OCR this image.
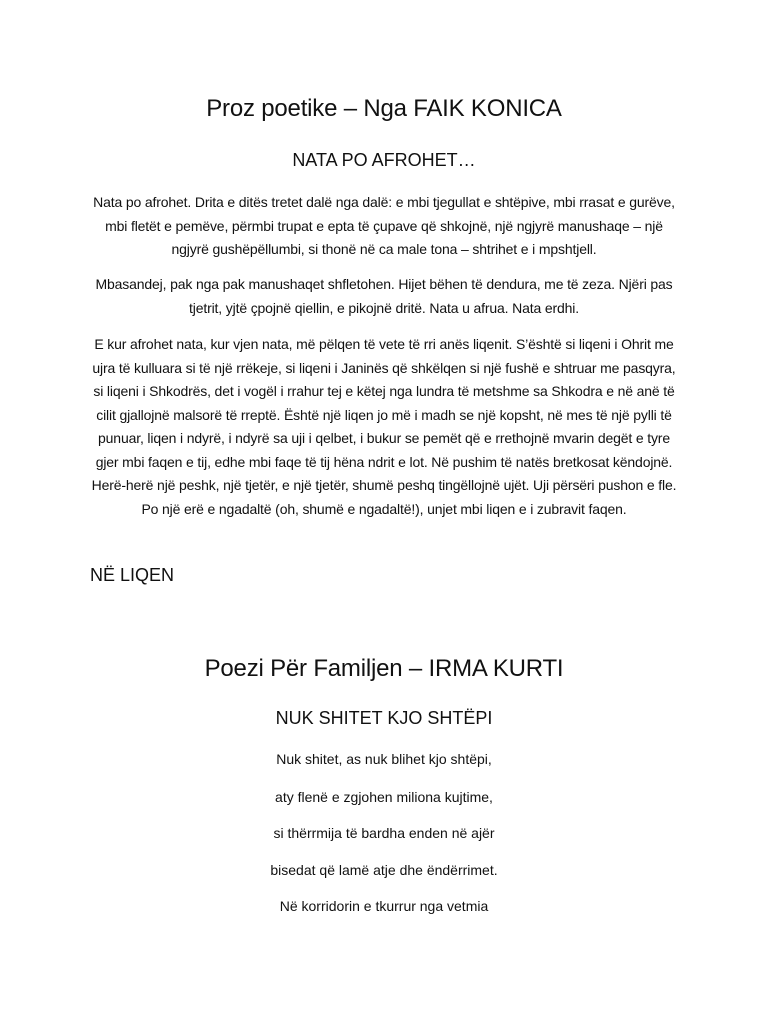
Proz poetike – Nga FAIK KONICA
NATA PO AFROHET…

Nata po afrohet. Drita e ditës tretet dalë nga dalë: e mbi tjegullat e shtëpive, mbi rrasat e gurëve, mbi fletët e pemëve, përmbi trupat e epta të çupave që shkojnë, një ngjyrë manushaqe – një ngjyrë gushëpëllumbi, si thonë në ca male tona – shtrihet e i mpshtjell.

Mbasandej, pak nga pak manushaqet shfletohen. Hijet bëhen të dendura, me të zeza. Njëri pas tjetrit, yjtë çpojnë qiellin, e pikojnë dritë. Nata u afrua. Nata erdhi.

E kur afrohet nata, kur vjen nata, më pëlqen të vete të rri anës liqenit. S’është si liqeni i Ohrit me ujra të kulluara si të një rrëkeje, si liqeni i Janinës që shkëlqen si një fushë e shtruar me pasqyra, si liqeni i Shkodrës, det i vogël i rrahur tej e këtej nga lundra të metshme sa Shkodra e në anë të cilit gjallojnë malsorë të rreptë. Është një liqen jo më i madh se një kopsht, në mes të një pylli të punuar, liqen i ndyrë, i ndyrë sa uji i qelbet, i bukur se pemët që e rrethojnë mvarin degët e tyre gjer mbi faqen e tij, edhe mbi faqe të tij hëna ndrit e lot. Në pushim të natës bretkosat këndojnë. Herë-herë një peshk, një tjetër, e një tjetër, shumë peshq tingëllojnë ujët. Uji përsëri pushon e fle. Po një erë e ngadaltë (oh, shumë e ngadaltë!), unjet mbi liqen e i zubravit faqen.

NË LIQEN
Poezi Për Familjen – IRMA KURTI
NUK SHITET KJO SHTËPI

Nuk shitet, as nuk blihet kjo shtëpi,

aty flenë e zgjohen miliona kujtime,

si thërrmija të bardha enden në ajër

bisedat që lamë atje dhe ëndërrimet.

Në korridorin e tkurrur nga vetmia
